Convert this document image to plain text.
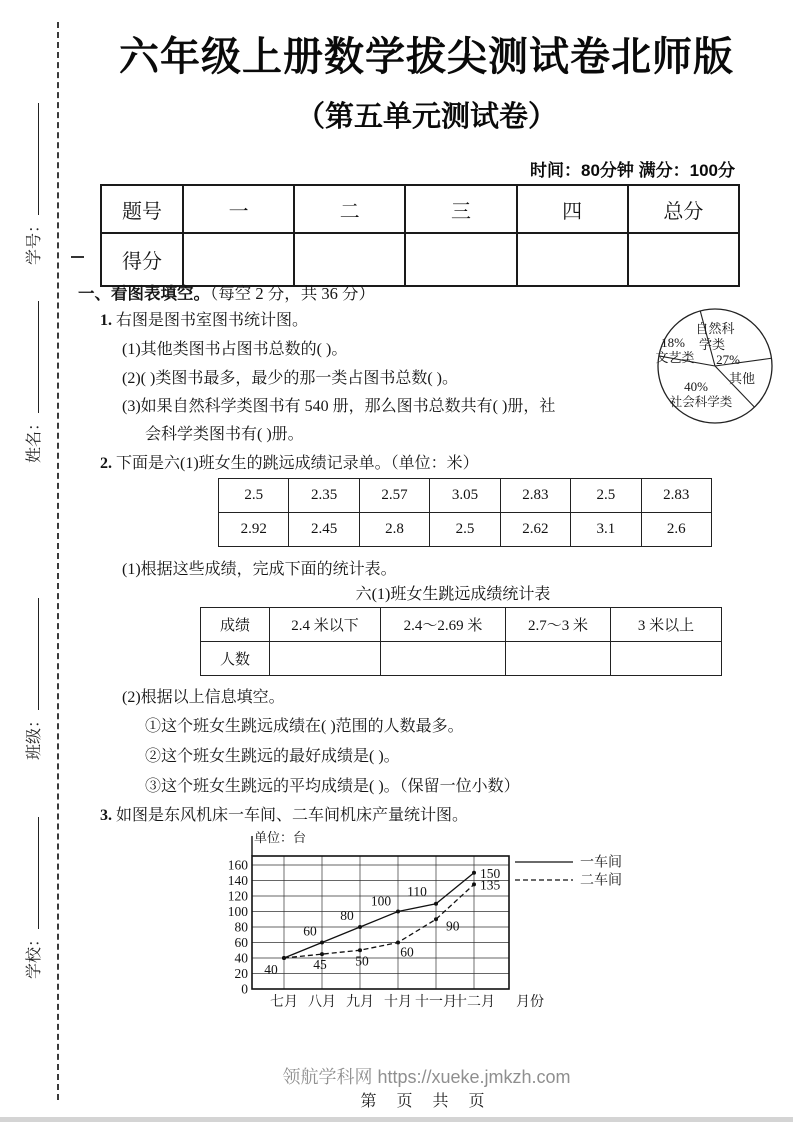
学号：
姓名：
班级：
学校：
六年级上册数学拔尖测试卷北师版
（第五单元测试卷）
时间：80分钟 满分：100分
题号	一	二	三	四	总分
得分					
一、看图表填空。（每空 2 分，共 36 分）
1. 右图是图书室图书统计图。
(1)其他类图书占图书总数的( )。
(2)( )类图书最多，最少的那一类占图书总数( )。
(3)如果自然科学类图书有 540 册，那么图书总数共有( )册，社
会科学类图书有( )册。
自然科
学类
27%
18%
文艺类
其他
40%
社会科学类
2. 下面是六(1)班女生的跳远成绩记录单。（单位：米）
2.5	2.35	2.57	3.05	2.83	2.5	2.83
2.92	2.45	2.8	2.5	2.62	3.1	2.6
(1)根据这些成绩，完成下面的统计表。
六(1)班女生跳远成绩统计表
成绩	2.4 米以下	2.4～2.69 米	2.7～3 米	3 米以上
人数				
(2)根据以上信息填空。
①这个班女生跳远成绩在( )范围的人数最多。
②这个班女生跳远的最好成绩是( )。
③这个班女生跳远的平均成绩是( )。（保留一位小数）
3. 如图是东风机床一车间、二车间机床产量统计图。
单位：台
0
20
40
60
80
100
120
140
160
七月 八月 九月 十月 十一月
十二月 月份
一车间
二车间
40
60
80
100
110
150
45 50
60
90
135
领航学科网 https://xueke.jmkzh.com
第 页 共 页
